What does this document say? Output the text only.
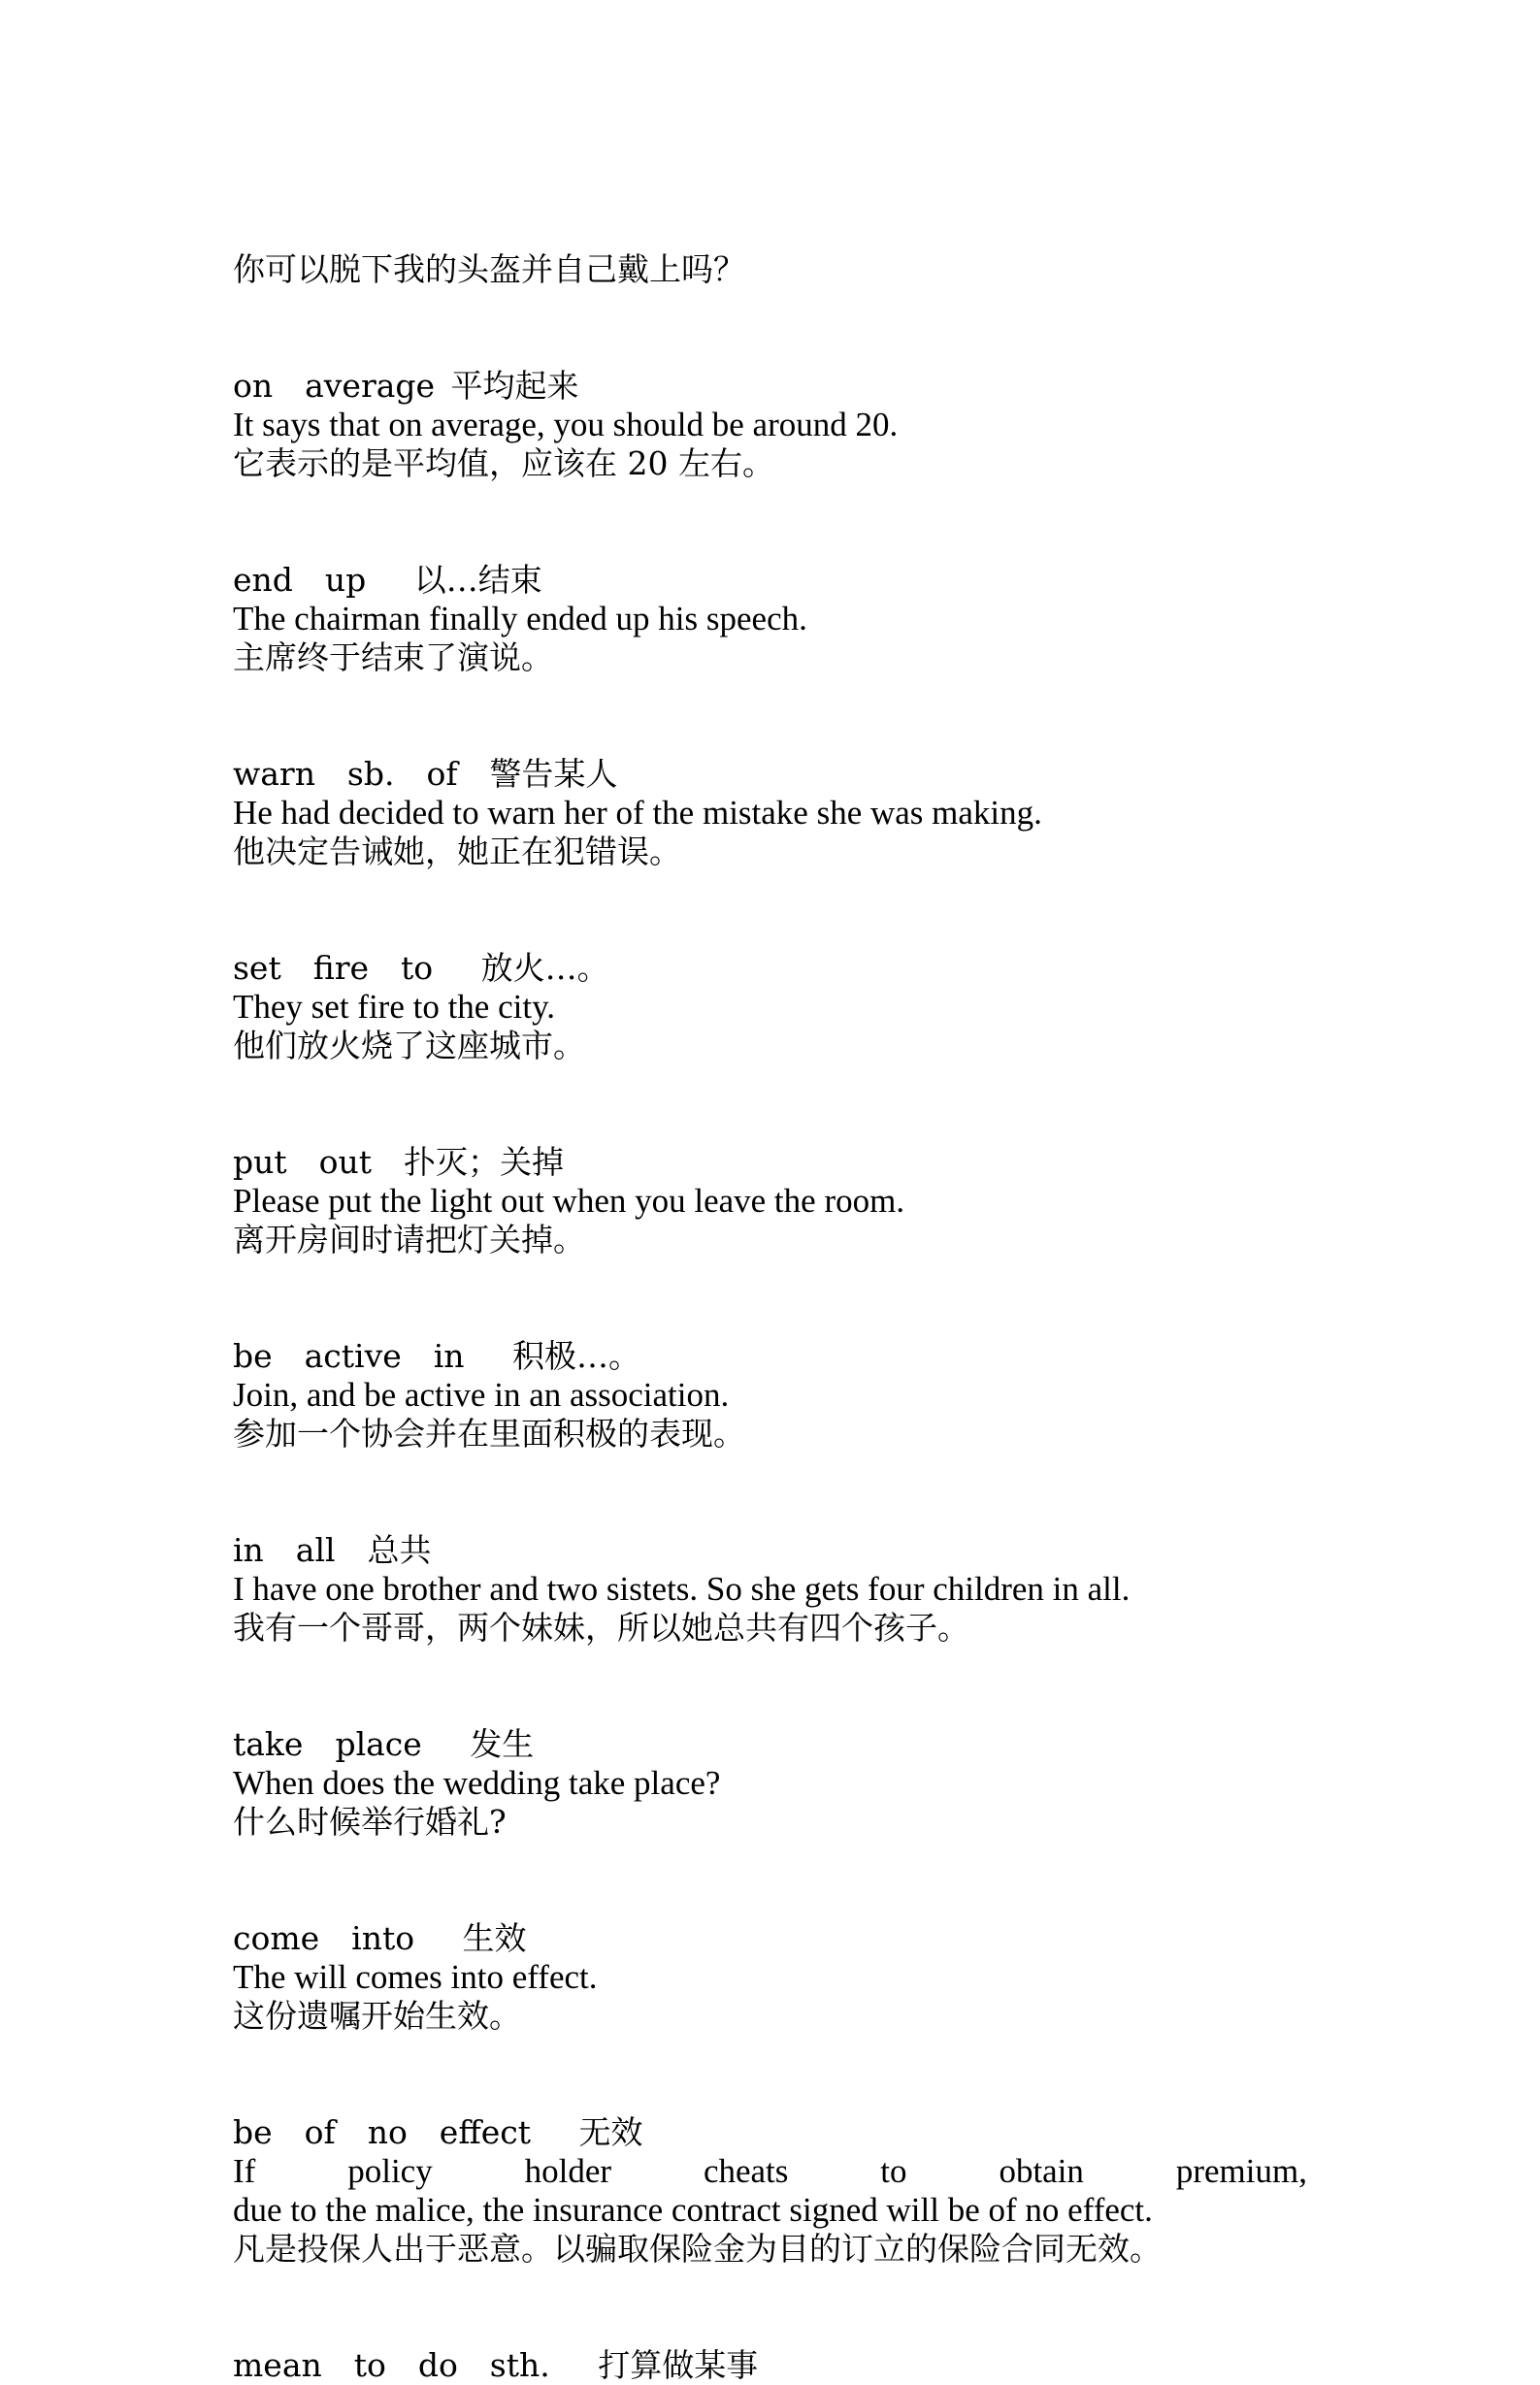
你可以脱下我的头盔并自己戴上吗？
on  average 平均起来
It says that on average, you should be around 20.
它表示的是平均值，应该在 20 左右。
end  up   以…结束
The chairman finally ended up his speech.
主席终于结束了演说。
warn  sb.  of  警告某人
He had decided to warn her of the mistake she was making.
他决定告诫她，她正在犯错误。
set  fire  to   放火…。
They set fire to the city.
他们放火烧了这座城市。
put  out  扑灭；关掉
Please put the light out when you leave the room.
离开房间时请把灯关掉。
be  active  in   积极…。
Join, and be active in an association.
参加一个协会并在里面积极的表现。
in  all  总共
I have one brother and two sistets. So she gets four children in all.
我有一个哥哥，两个妹妹，所以她总共有四个孩子。
take  place   发生
When does the wedding take place?
什么时候举行婚礼?
come  into   生效
The will comes into effect.
这份遗嘱开始生效。
be  of  no  effect   无效
If	policy	holder	cheats	to	obtain	premium,
due to the malice, the insurance contract signed will be of no effect.
凡是投保人出于恶意。以骗取保险金为目的订立的保险合同无效。
mean  to  do  sth.   打算做某事
